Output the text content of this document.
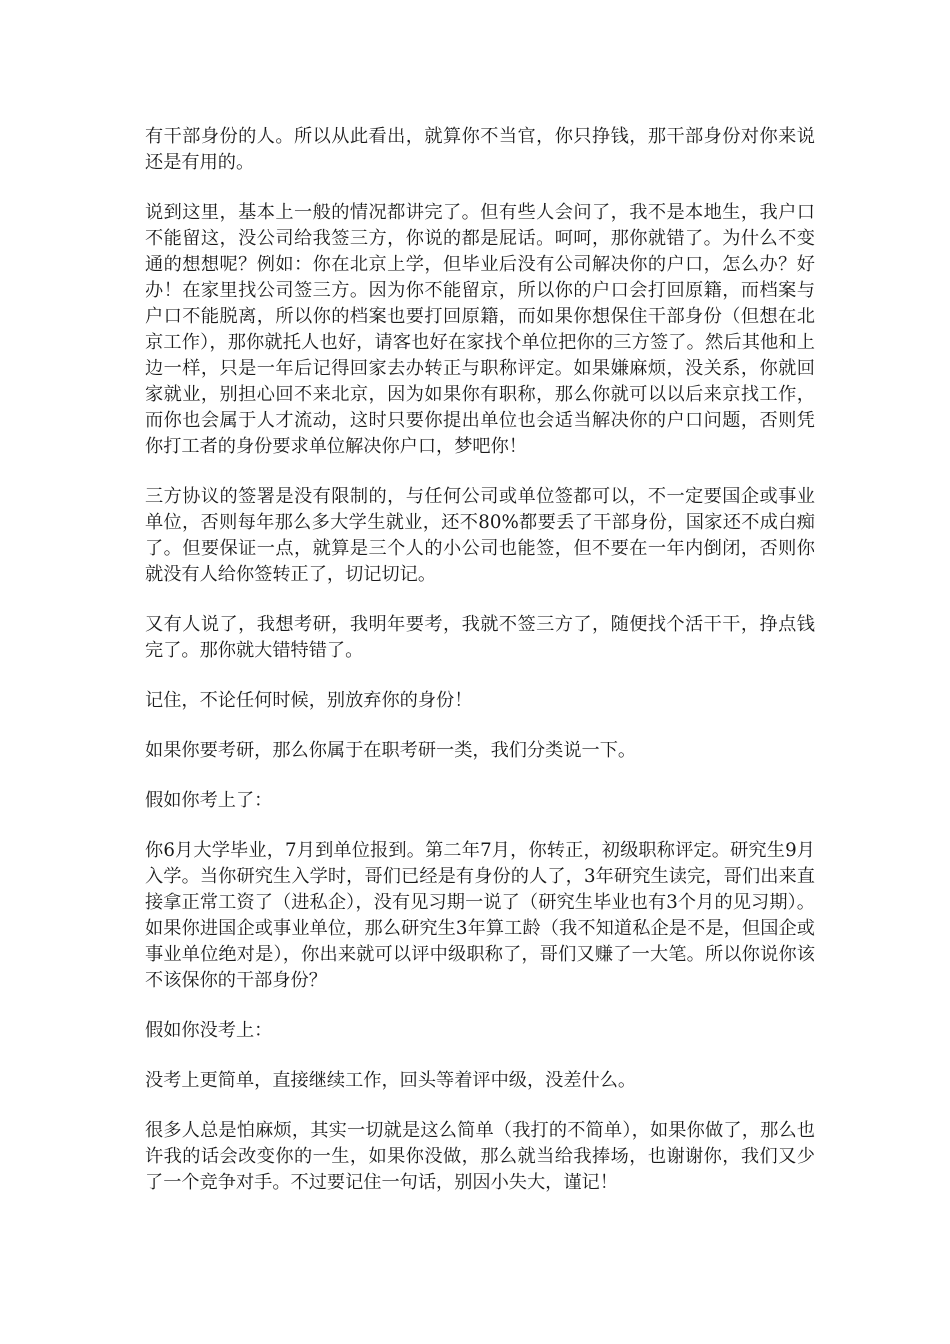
有干部身份的人。所以从此看出，就算你不当官，你只挣钱，那干部身份对你来说还是有用的。

说到这里，基本上一般的情况都讲完了。但有些人会问了，我不是本地生，我户口不能留这，没公司给我签三方，你说的都是屁话。呵呵，那你就错了。为什么不变通的想想呢？例如：你在北京上学，但毕业后没有公司解决你的户口，怎么办？好办！在家里找公司签三方。因为你不能留京，所以你的户口会打回原籍，而档案与户口不能脱离，所以你的档案也要打回原籍，而如果你想保住干部身份（但想在北京工作），那你就托人也好，请客也好在家找个单位把你的三方签了。然后其他和上边一样，只是一年后记得回家去办转正与职称评定。如果嫌麻烦，没关系，你就回家就业，别担心回不来北京，因为如果你有职称，那么你就可以以后来京找工作，而你也会属于人才流动，这时只要你提出单位也会适当解决你的户口问题，否则凭你打工者的身份要求单位解决你户口，梦吧你！

三方协议的签署是没有限制的，与任何公司或单位签都可以，不一定要国企或事业单位，否则每年那么多大学生就业，还不80%都要丢了干部身份，国家还不成白痴了。但要保证一点，就算是三个人的小公司也能签，但不要在一年内倒闭，否则你就没有人给你签转正了，切记切记。

又有人说了，我想考研，我明年要考，我就不签三方了，随便找个活干干，挣点钱完了。那你就大错特错了。

记住，不论任何时候，别放弃你的身份！

如果你要考研，那么你属于在职考研一类，我们分类说一下。

假如你考上了：

你6月大学毕业，7月到单位报到。第二年7月，你转正，初级职称评定。研究生9月入学。当你研究生入学时，哥们已经是有身份的人了，3年研究生读完，哥们出来直接拿正常工资了（进私企），没有见习期一说了（研究生毕业也有3个月的见习期）。如果你进国企或事业单位，那么研究生3年算工龄（我不知道私企是不是，但国企或事业单位绝对是），你出来就可以评中级职称了，哥们又赚了一大笔。所以你说你该不该保你的干部身份？

假如你没考上：

没考上更简单，直接继续工作，回头等着评中级，没差什么。

很多人总是怕麻烦，其实一切就是这么简单（我打的不简单），如果你做了，那么也许我的话会改变你的一生，如果你没做，那么就当给我捧场，也谢谢你，我们又少了一个竞争对手。不过要记住一句话，别因小失大，谨记！
